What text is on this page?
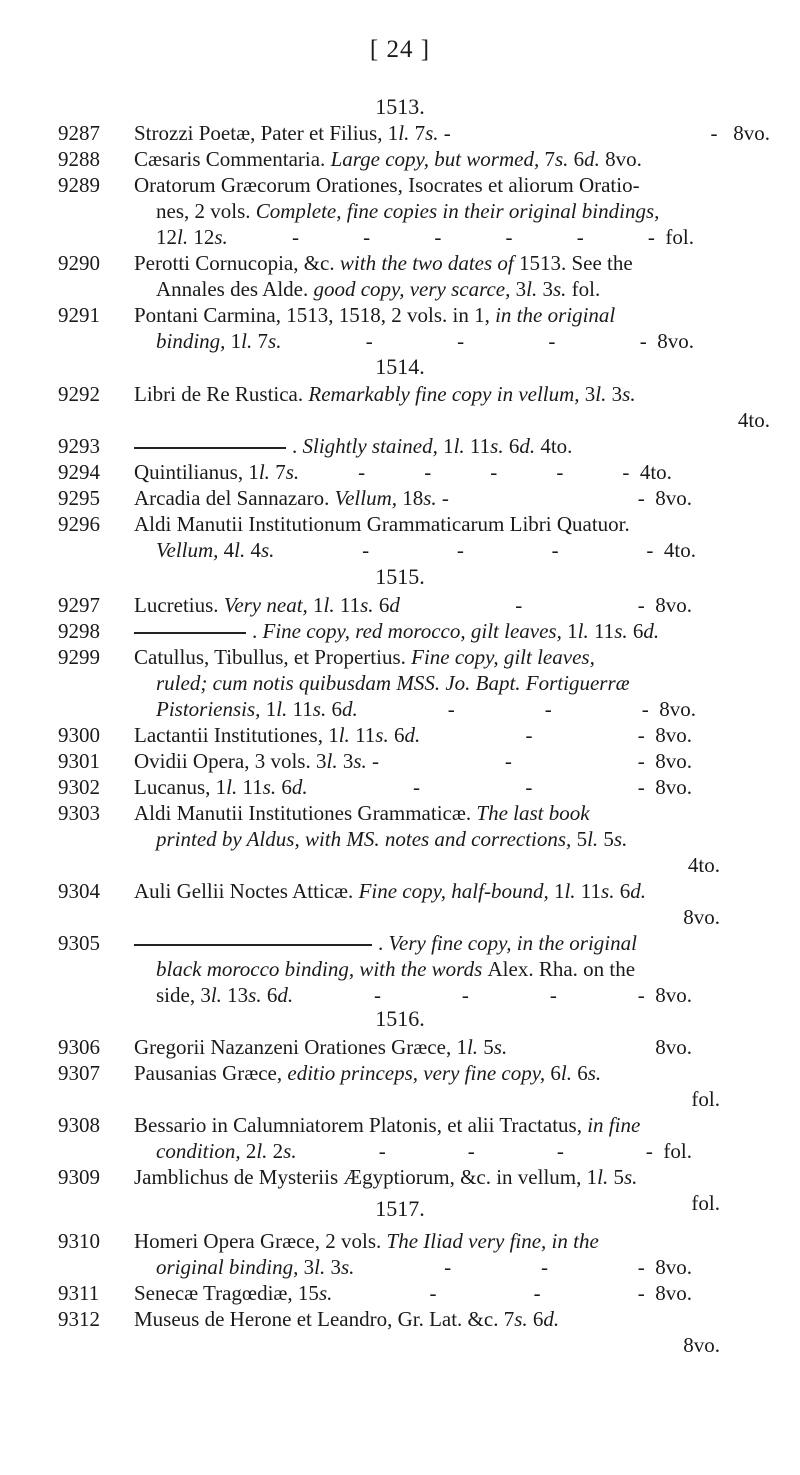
[ 24 ]
1513.
9287	Strozzi Poetæ, Pater et Filius, 1l. 7s. -	-   8vo.
9288	Cæsaris Commentaria. Large copy, but wormed, 7s. 6d. 8vo.
9289	Oratorum Græcorum Orationes, Isocrates et aliorum Oratio-
nes, 2 vols. Complete, fine copies in their original bindings,
12l. 12s.	-	-	-	-	-	-  fol.
9290	Perotti Cornucopia, &c. with the two dates of 1513. See the
Annales des Alde. good copy, very scarce, 3l. 3s. fol.
9291	Pontani Carmina, 1513, 1518, 2 vols. in 1, in the original
binding, 1l. 7s.	-	-	-	-  8vo.
1514.
9292	Libri de Re Rustica. Remarkably fine copy in vellum, 3l. 3s.
4to.
9293	. Slightly stained, 1l. 11s. 6d. 4to.
9294	Quintilianus, 1l. 7s.	-	-	-	-	-  4to.
9295	Arcadia del Sannazaro. Vellum, 18s. -	-  8vo.
9296	Aldi Manutii Institutionum Grammaticarum Libri Quatuor.
Vellum, 4l. 4s.	-	-	-	-  4to.
1515.
9297	Lucretius. Very neat, 1l. 11s. 6d	-	-  8vo.
9298	. Fine copy, red morocco, gilt leaves, 1l. 11s. 6d.
9299	Catullus, Tibullus, et Propertius. Fine copy, gilt leaves,
ruled; cum notis quibusdam MSS. Jo. Bapt. Fortiguerræ
Pistoriensis, 1l. 11s. 6d.	-	-	-  8vo.
9300	Lactantii Institutiones, 1l. 11s. 6d.	-	-  8vo.
9301	Ovidii Opera, 3 vols. 3l. 3s. -	-	-  8vo.
9302	Lucanus, 1l. 11s. 6d.	-	-	-  8vo.
9303	Aldi Manutii Institutiones Grammaticæ. The last book
printed by Aldus, with MS. notes and corrections, 5l. 5s.
4to.
9304	Auli Gellii Noctes Atticæ. Fine copy, half-bound, 1l. 11s. 6d.
8vo.
9305	. Very fine copy, in the original
black morocco binding, with the words Alex. Rha. on the
side, 3l. 13s. 6d.	-	-	-	-  8vo.
1516.
9306	Gregorii Nazanzeni Orationes Græce, 1l. 5s.	8vo.
9307	Pausanias Græce, editio princeps, very fine copy, 6l. 6s.
fol.
9308	Bessario in Calumniatorem Platonis, et alii Tractatus, in fine
condition, 2l. 2s.	-	-	-	-  fol.
9309	Jamblichus de Mysteriis Ægyptiorum, &c. in vellum, 1l. 5s.
fol.
1517.
9310	Homeri Opera Græce, 2 vols. The Iliad very fine, in the
original binding, 3l. 3s.	-	-	-  8vo.
9311	Senecæ Tragœdiæ, 15s.	-	-	-  8vo.
9312	Museus de Herone et Leandro, Gr. Lat. &c. 7s. 6d.
8vo.
